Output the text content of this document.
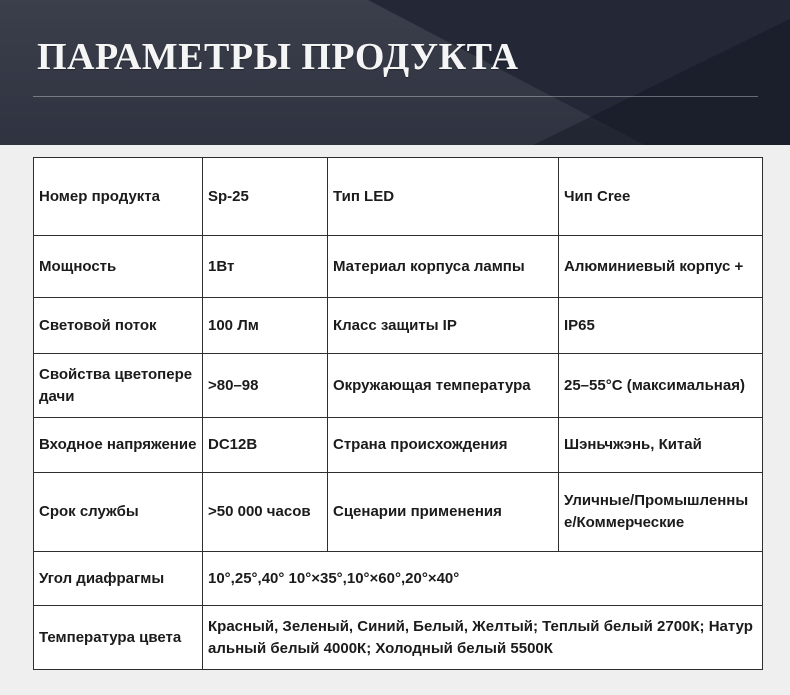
ПАРАМЕТРЫ ПРОДУКТА
Номер продукта	Sp-25	Тип LED	Чип Cree
Мощность	1Вт	Материал корпуса лампы	Алюминиевый корпус +
Световой поток	100 Лм	Класс защиты IP	IP65
Свойства цветопередачи	>80–98	Окружающая температура	25–55°C (максимальная)
Входное напряжение	DC12B	Страна происхождения	Шэньчжэнь, Китай
Срок службы	>50 000 часов	Сценарии применения	Уличные/Промышленные/Коммерческие
Угол диафрагмы	10°,25°,40° 10°×35°,10°×60°,20°×40°		
Температура цвета	Красный, Зеленый, Синий, Белый, Желтый; Теплый белый 2700К; Натуральный белый 4000К; Холодный белый 5500К		
